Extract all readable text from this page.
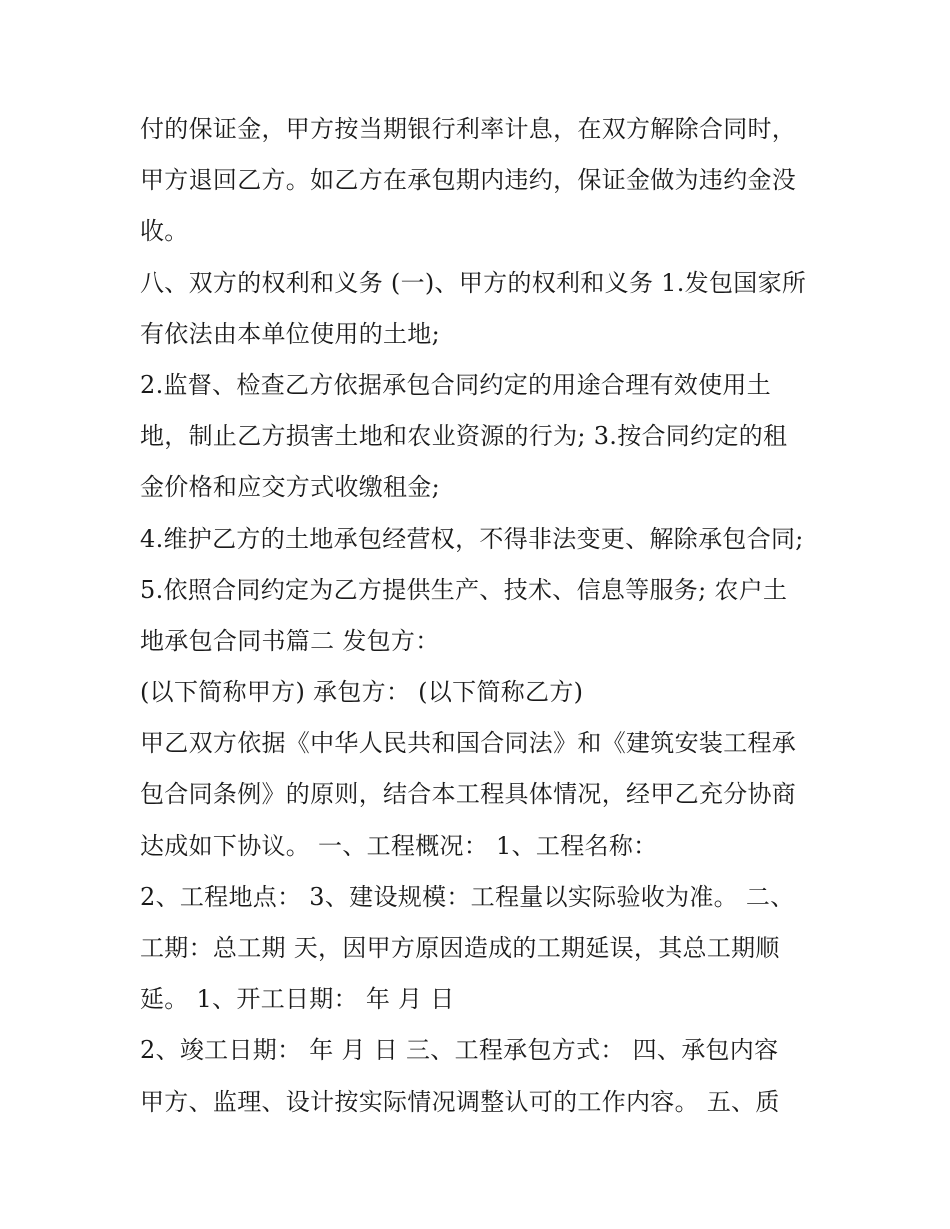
付的保证金，甲方按当期银行利率计息，在双方解除合同时，
甲方退回乙方。如乙方在承包期内违约，保证金做为违约金没
收。
八、双方的权利和义务 (一)、甲方的权利和义务 1.发包国家所
有依法由本单位使用的土地;
2.监督、检查乙方依据承包合同约定的用途合理有效使用土
地，制止乙方损害土地和农业资源的行为; 3.按合同约定的租
金价格和应交方式收缴租金;
4.维护乙方的土地承包经营权，不得非法变更、解除承包合同;
5.依照合同约定为乙方提供生产、技术、信息等服务; 农户土
地承包合同书篇二 发包方：
(以下简称甲方) 承包方： (以下简称乙方)
甲乙双方依据《中华人民共和国合同法》和《建筑安装工程承
包合同条例》的原则，结合本工程具体情况，经甲乙充分协商
达成如下协议。 一、工程概况： 1、工程名称：
2、工程地点： 3、建设规模：工程量以实际验收为准。 二、
工期：总工期 天，因甲方原因造成的工期延误，其总工期顺
延。 1、开工日期： 年 月 日
2、竣工日期： 年 月 日 三、工程承包方式： 四、承包内容
甲方、监理、设计按实际情况调整认可的工作内容。 五、质
